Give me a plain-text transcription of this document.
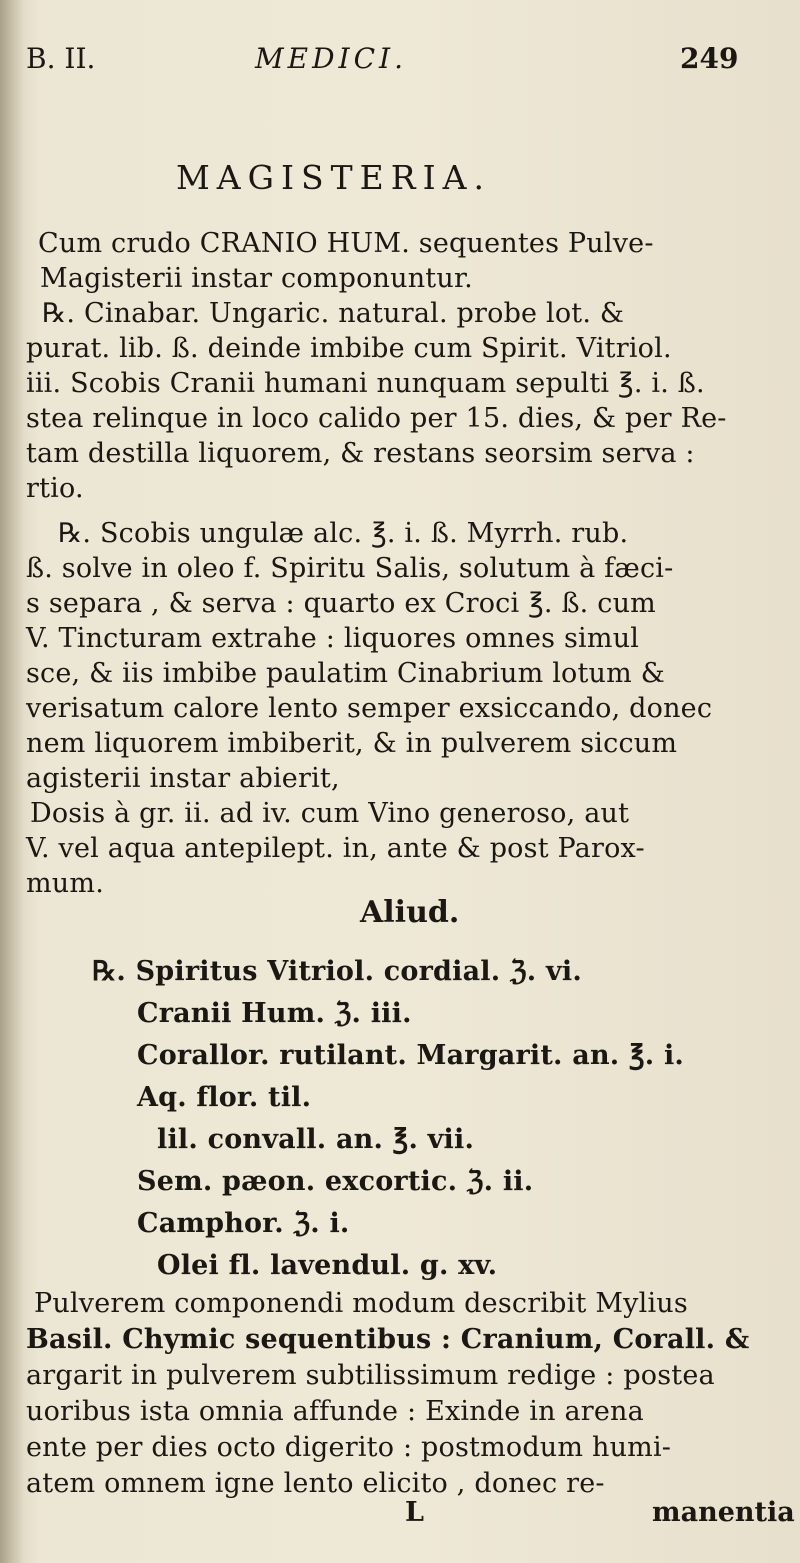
B. II.	MEDICI.	249
MAGISTERIA.
Cum crudo CRANIO HUM. sequentes Pulve-
Magisterii instar componuntur.
℞. Cinabar. Ungaric. natural. probe lot. &
purat. lib. ß. deinde imbibe cum Spirit. Vitriol.
iii. Scobis Cranii humani nunquam sepulti ℥. i. ß.
stea relinque in loco calido per 15. dies, & per Re-
tam destilla liquorem, & restans seorsim serva :
rtio.
℞. Scobis ungulæ alc. ℥. i. ß. Myrrh. rub.
ß. solve in oleo f. Spiritu Salis, solutum à fæci-
s separa , & serva : quarto ex Croci ℥. ß. cum
V. Tincturam extrahe : liquores omnes simul
sce, & iis imbibe paulatim Cinabrium lotum &
verisatum calore lento semper exsiccando, donec
nem liquorem imbiberit, & in pulverem siccum
agisterii instar abierit,
Dosis à gr. ii. ad iv. cum Vino generoso, aut
V. vel aqua antepilept. in, ante & post Parox-
mum.
Aliud.
℞. Spiritus Vitriol. cordial. ℨ. vi.
Cranii Hum. ℨ. iii.
Corallor. rutilant. Margarit. an. ℥. i.
Aq. flor. til.
lil. convall. an. ℥. vii.
Sem. pæon. excortic. ℨ. ii.
Camphor. ℨ. i.
Olei fl. lavendul. g. xv.
Pulverem componendi modum describit Mylius
Basil. Chymic sequentibus : Cranium, Corall. &
argarit in pulverem subtilissimum redige : postea
uoribus ista omnia affunde : Exinde in arena
ente per dies octo digerito : postmodum humi-
atem omnem igne lento elicito , donec re-
L	manentia
